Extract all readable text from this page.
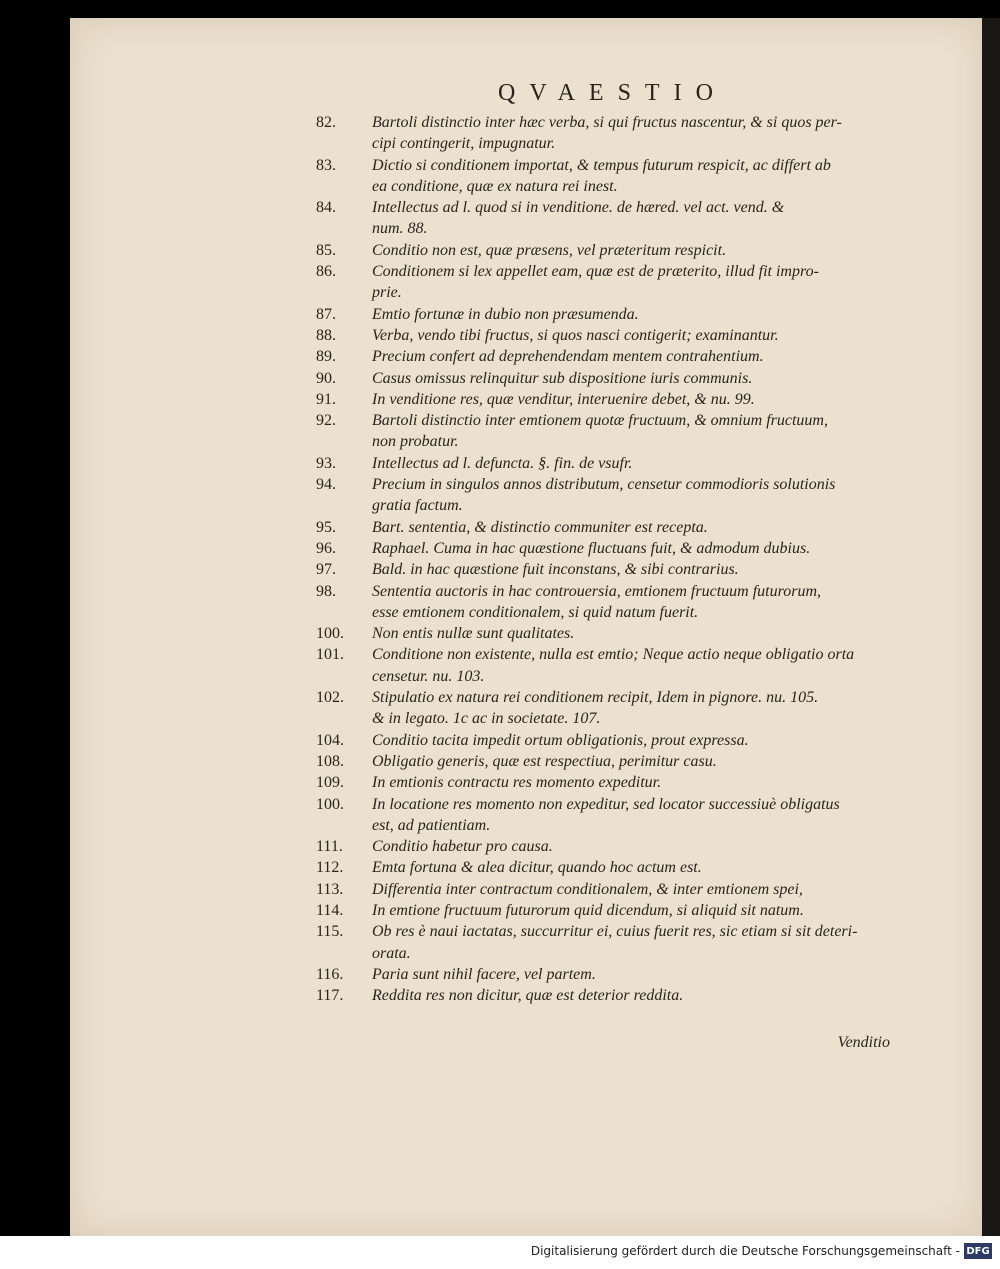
QVAESTIO
82.	Bartoli distinctio inter hæc verba, si qui fructus nascentur, & si quos per-
cipi contingerit, impugnatur.
83.	Dictio si conditionem importat, & tempus futurum respicit, ac differt ab
ea conditione, quæ ex natura rei inest.
84.	Intellectus ad l. quod si in venditione. de hæred. vel act. vend. &
num. 88.
85.	Conditio non est, quæ præsens, vel præteritum respicit.
86.	Conditionem si lex appellet eam, quæ est de præterito, illud fit impro-
prie.
87.	Emtio fortunæ in dubio non præsumenda.
88.	Verba, vendo tibi fructus, si quos nasci contigerit; examinantur.
89.	Precium confert ad deprehendendam mentem contrahentium.
90.	Casus omissus relinquitur sub dispositione iuris communis.
91.	In venditione res, quæ venditur, interuenire debet, & nu. 99.
92.	Bartoli distinctio inter emtionem quotæ fructuum, & omnium fructuum,
non probatur.
93.	Intellectus ad l. defuncta. §. fin. de vsufr.
94.	Precium in singulos annos distributum, censetur commodioris solutionis
gratia factum.
95.	Bart. sententia, & distinctio communiter est recepta.
96.	Raphael. Cuma in hac quæstione fluctuans fuit, & admodum dubius.
97.	Bald. in hac quæstione fuit inconstans, & sibi contrarius.
98.	Sententia auctoris in hac controuersia, emtionem fructuum futurorum,
esse emtionem conditionalem, si quid natum fuerit.
100.	Non entis nullæ sunt qualitates.
101.	Conditione non existente, nulla est emtio; Neque actio neque obligatio orta
censetur. nu. 103.
102.	Stipulatio ex natura rei conditionem recipit, Idem in pignore. nu. 105.
& in legato. 1c ac in societate. 107.
104.	Conditio tacita impedit ortum obligationis, prout expressa.
108.	Obligatio generis, quæ est respectiua, perimitur casu.
109.	In emtionis contractu res momento expeditur.
100.	In locatione res momento non expeditur, sed locator successiuè obligatus
est, ad patientiam.
111.	Conditio habetur pro causa.
112.	Emta fortuna & alea dicitur, quando hoc actum est.
113.	Differentia inter contractum conditionalem, & inter emtionem spei,
114.	In emtione fructuum futurorum quid dicendum, si aliquid sit natum.
115.	Ob res è naui iactatas, succurritur ei, cuius fuerit res, sic etiam si sit deteri-
orata.
116.	Paria sunt nihil facere, vel partem.
117.	Reddita res non dicitur, quæ est deterior reddita.
Venditio
Digitalisierung gefördert durch die Deutsche Forschungsgemeinschaft - DFG
